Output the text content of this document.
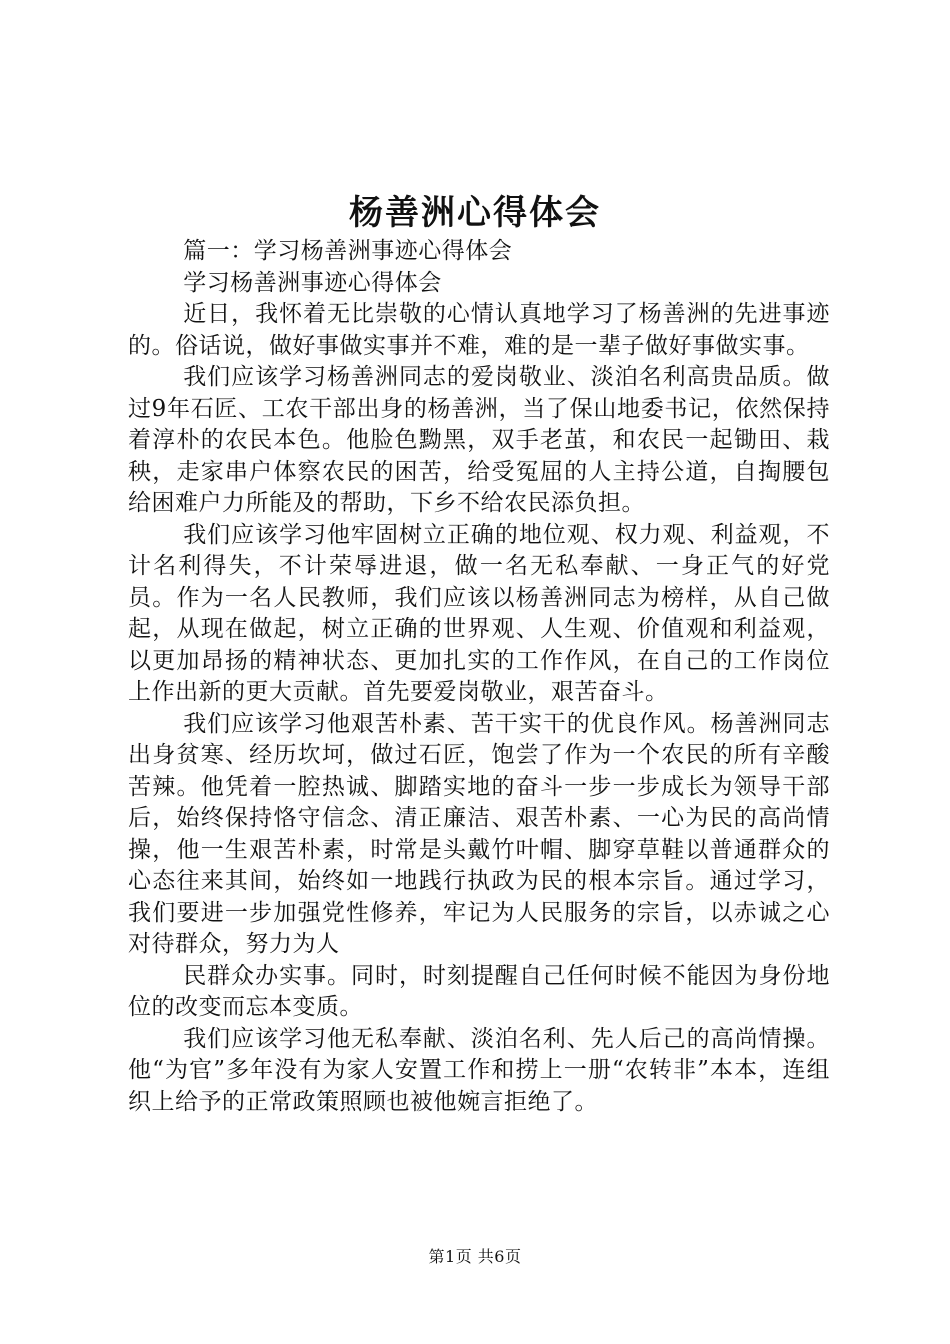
杨善洲心得体会

篇一：学习杨善洲事迹心得体会

学习杨善洲事迹心得体会

近日，我怀着无比崇敬的心情认真地学习了杨善洲的先进事迹的。俗话说，做好事做实事并不难，难的是一辈子做好事做实事。

我们应该学习杨善洲同志的爱岗敬业、淡泊名利高贵品质。做过9年石匠、工农干部出身的杨善洲，当了保山地委书记，依然保持着淳朴的农民本色。他脸色黝黑，双手老茧，和农民一起锄田、栽秧，走家串户体察农民的困苦，给受冤屈的人主持公道，自掏腰包给困难户力所能及的帮助，下乡不给农民添负担。

我们应该学习他牢固树立正确的地位观、权力观、利益观，不计名利得失，不计荣辱进退，做一名无私奉献、一身正气的好党员。作为一名人民教师，我们应该以杨善洲同志为榜样，从自己做起，从现在做起，树立正确的世界观、人生观、价值观和利益观，以更加昂扬的精神状态、更加扎实的工作作风，在自己的工作岗位上作出新的更大贡献。首先要爱岗敬业，艰苦奋斗。

我们应该学习他艰苦朴素、苦干实干的优良作风。杨善洲同志出身贫寒、经历坎坷，做过石匠，饱尝了作为一个农民的所有辛酸苦辣。他凭着一腔热诚、脚踏实地的奋斗一步一步成长为领导干部后，始终保持恪守信念、清正廉洁、艰苦朴素、一心为民的高尚情操，他一生艰苦朴素，时常是头戴竹叶帽、脚穿草鞋以普通群众的心态往来其间，始终如一地践行执政为民的根本宗旨。通过学习，我们要进一步加强党性修养，牢记为人民服务的宗旨，以赤诚之心对待群众，努力为人

民群众办实事。同时，时刻提醒自己任何时候不能因为身份地位的改变而忘本变质。

我们应该学习他无私奉献、淡泊名利、先人后己的高尚情操。他“为官”多年没有为家人安置工作和捞上一册“农转非”本本，连组织上给予的正常政策照顾也被他婉言拒绝了。

第1页 共6页
